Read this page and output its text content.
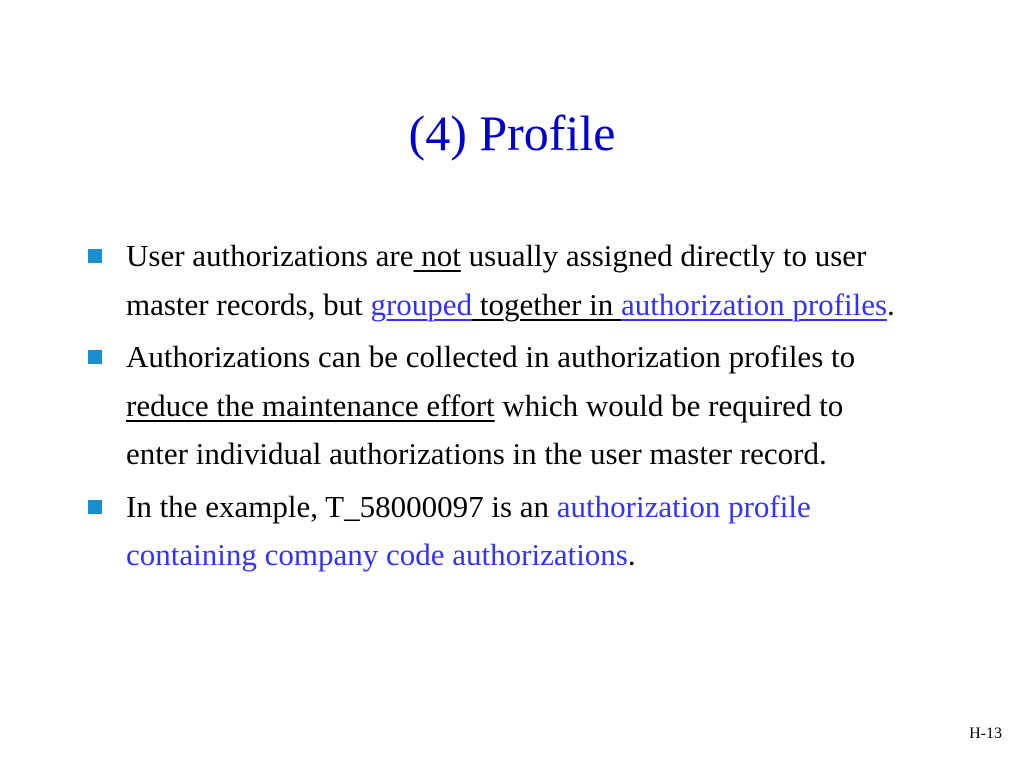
(4) Profile
User authorizations are not usually assigned directly to user master records, but grouped together in authorization profiles.
Authorizations can be collected in authorization profiles to reduce the maintenance effort which would be required to enter individual authorizations in the user master record.
In the example, T_58000097 is an authorization profile containing company code authorizations.
H-13
